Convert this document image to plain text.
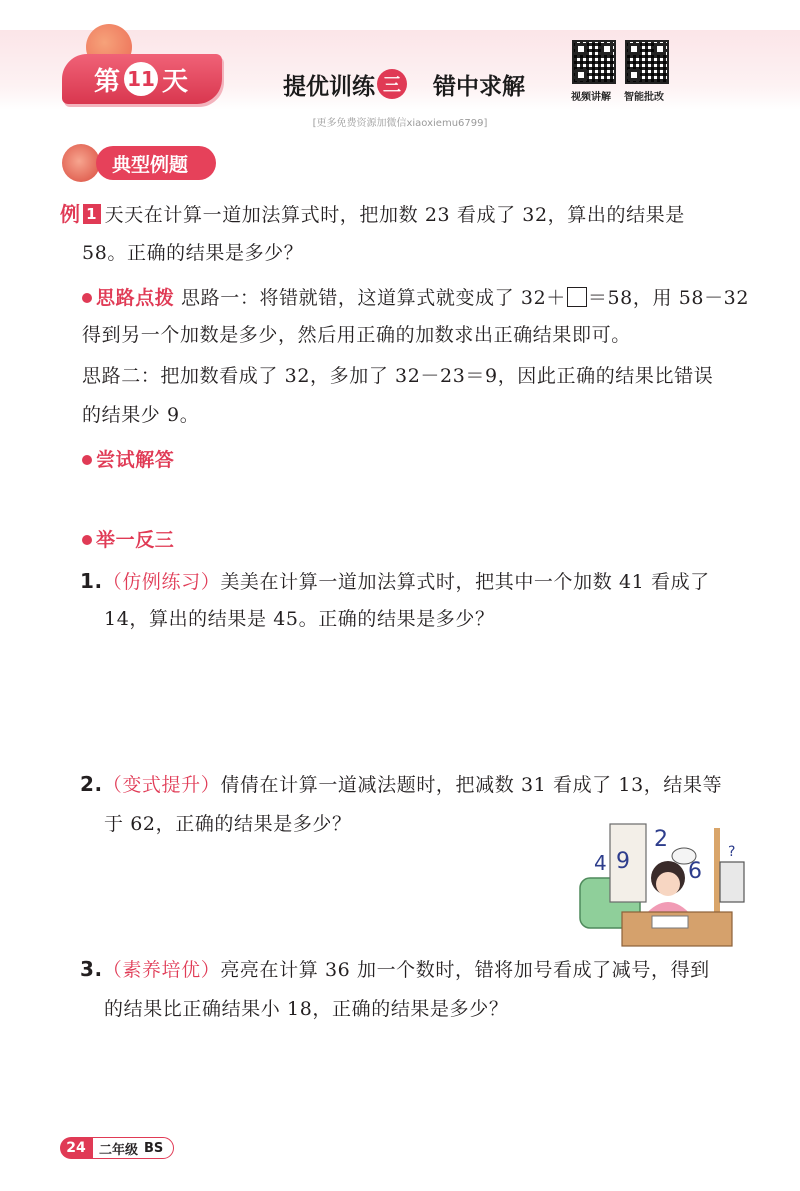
第 11 天	提优训练 三 错中求解	视频讲解 智能批改
[更多免费资源加微信xiaoxiemu6799]
典型例题
例 1 天天在计算一道加法算式时，把加数 23 看成了 32，算出的结果是
58。正确的结果是多少？
思路点拨 思路一：将错就错，这道算式就变成了 32＋ ＝58，用 58－32
得到另一个加数是多少，然后用正确的加数求出正确结果即可。
思路二：把加数看成了 32，多加了 32－23＝9，因此正确的结果比错误
的结果少 9。
尝试解答
举一反三
1.（仿例练习）美美在计算一道加法算式时，把其中一个加数 41 看成了
14，算出的结果是 45。正确的结果是多少？
2.（变式提升）倩倩在计算一道减法题时，把减数 31 看成了 13，结果等
于 62，正确的结果是多少？
4 9
2
6
?
3.（素养培优）亮亮在计算 36 加一个数时，错将加号看成了减号，得到
的结果比正确结果小 18，正确的结果是多少？
24	二年级 BS
